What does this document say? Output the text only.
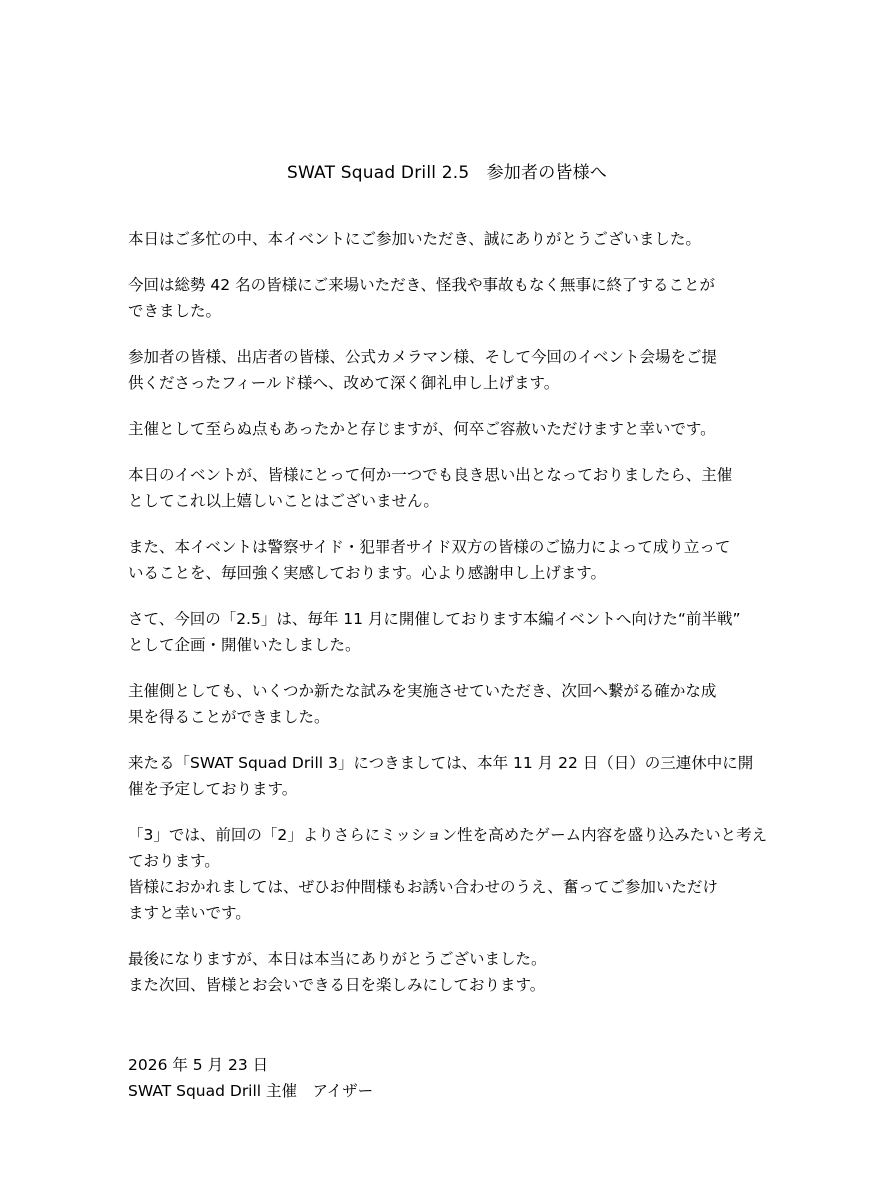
SWAT Squad Drill 2.5　参加者の皆様へ
本日はご多忙の中、本イベントにご参加いただき、誠にありがとうございました。
今回は総勢 42 名の皆様にご来場いただき、怪我や事故もなく無事に終了することが
できました。
参加者の皆様、出店者の皆様、公式カメラマン様、そして今回のイベント会場をご提
供くださったフィールド様へ、改めて深く御礼申し上げます。
主催として至らぬ点もあったかと存じますが、何卒ご容赦いただけますと幸いです。
本日のイベントが、皆様にとって何か一つでも良き思い出となっておりましたら、主催
としてこれ以上嬉しいことはございません。
また、本イベントは警察サイド・犯罪者サイド双方の皆様のご協力によって成り立って
いることを、毎回強く実感しております。心より感謝申し上げます。
さて、今回の「2.5」は、毎年 11 月に開催しております本編イベントへ向けた“前半戦”
として企画・開催いたしました。
主催側としても、いくつか新たな試みを実施させていただき、次回へ繋がる確かな成
果を得ることができました。
来たる「SWAT Squad Drill 3」につきましては、本年 11 月 22 日（日）の三連休中に開
催を予定しております。
「3」では、前回の「2」よりさらにミッション性を高めたゲーム内容を盛り込みたいと考え
ております。
皆様におかれましては、ぜひお仲間様もお誘い合わせのうえ、奮ってご参加いただけ
ますと幸いです。
最後になりますが、本日は本当にありがとうございました。
また次回、皆様とお会いできる日を楽しみにしております。
2026 年 5 月 23 日
SWAT Squad Drill 主催　アイザー
